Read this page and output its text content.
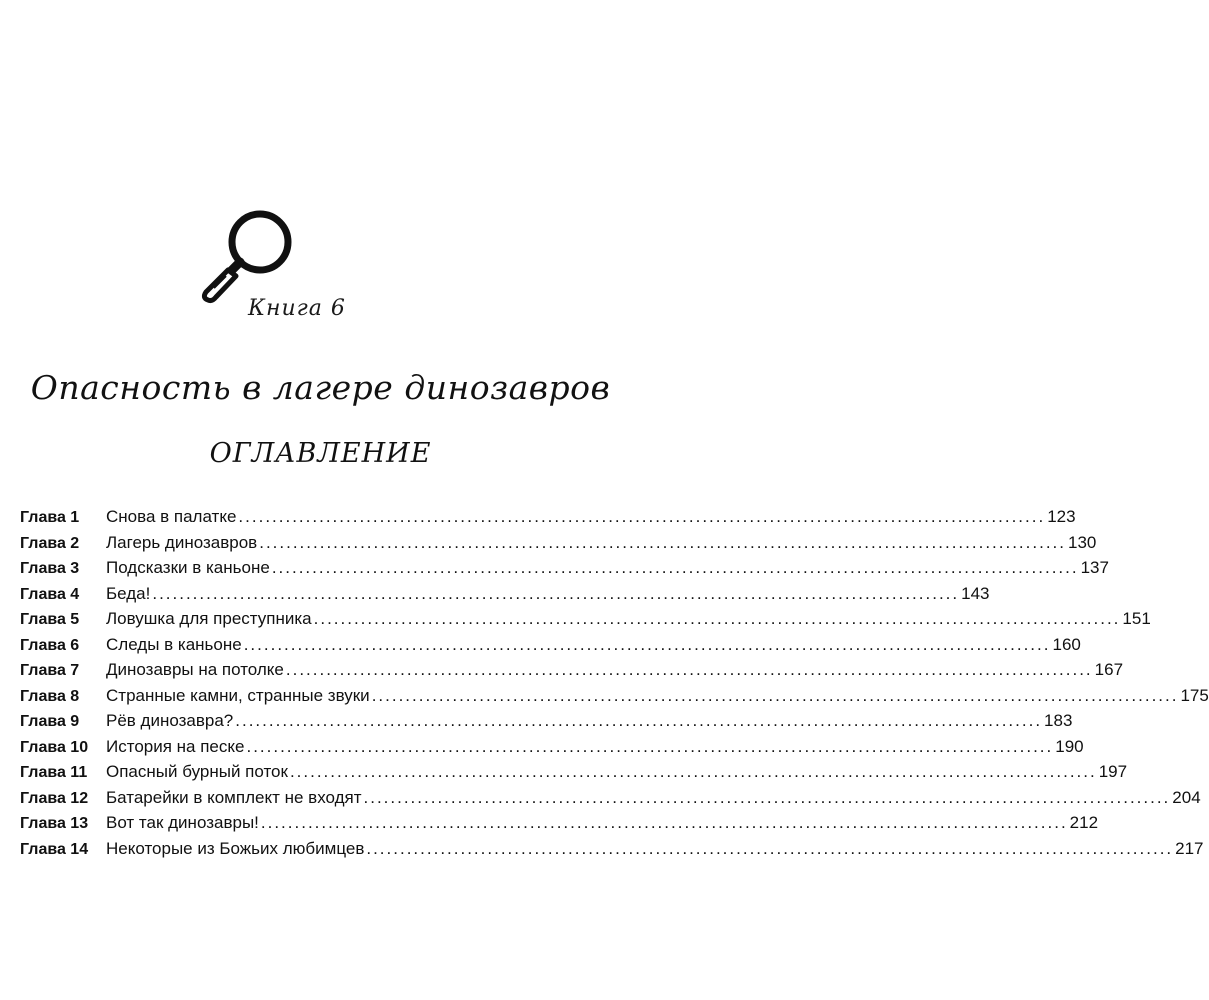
Книга 6
Опасность в лагере динозавров
ОГЛАВЛЕНИЕ
Глава 1	Снова в палатке ........................................................................................................................ 123
Глава 2	Лагерь динозавров ........................................................................................................................ 130
Глава 3	Подсказки в каньоне ........................................................................................................................ 137
Глава 4	Беда! ........................................................................................................................ 143
Глава 5	Ловушка для преступника ........................................................................................................................ 151
Глава 6	Следы в каньоне ........................................................................................................................ 160
Глава 7	Динозавры на потолке ........................................................................................................................ 167
Глава 8	Странные камни, странные звуки ........................................................................................................................ 175
Глава 9	Рёв динозавра? ........................................................................................................................ 183
Глава 10	История на песке ........................................................................................................................ 190
Глава 11	Опасный бурный поток ........................................................................................................................ 197
Глава 12	Батарейки в комплект не входят ........................................................................................................................ 204
Глава 13	Вот так динозавры! ........................................................................................................................ 212
Глава 14	Некоторые из Божьих любимцев ........................................................................................................................ 217
